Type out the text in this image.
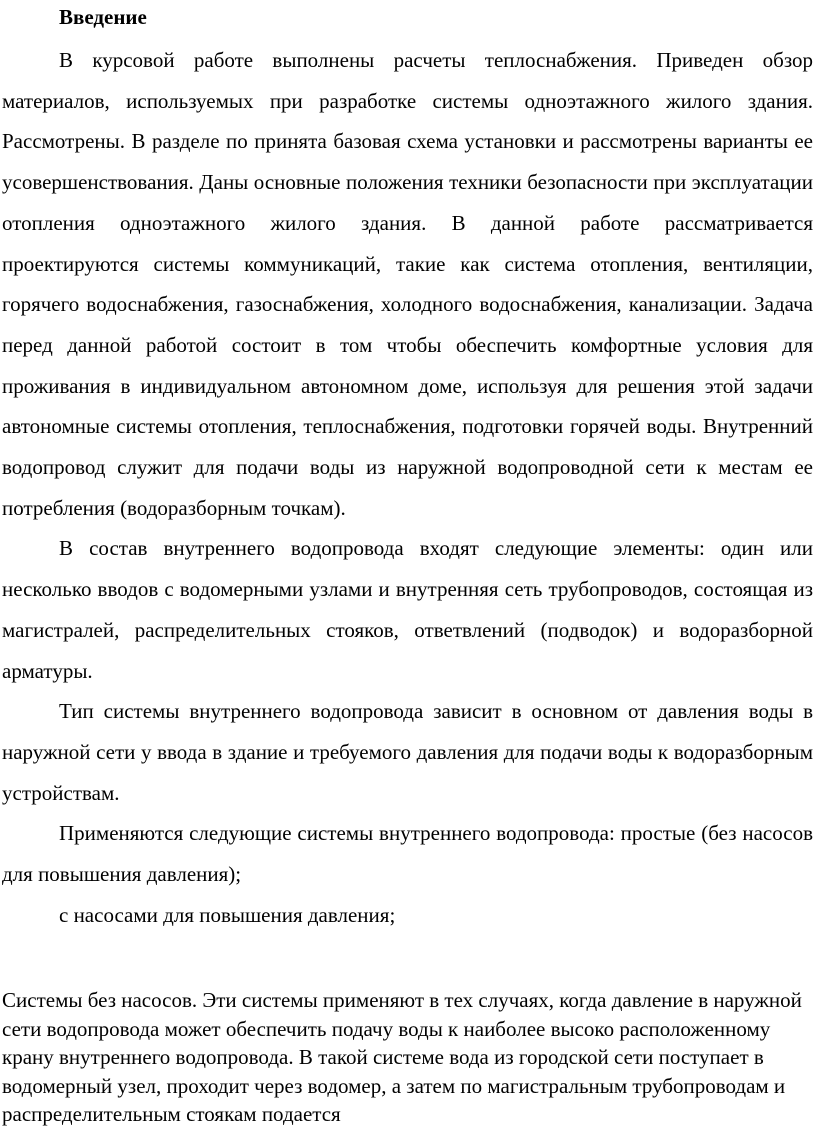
Введение

В курсовой работе выполнены расчеты теплоснабжения. Приведен обзор материалов, используемых при разработке системы одноэтажного жилого здания. Рассмотрены. В разделе по принята базовая схема установки и рассмотрены варианты ее усовершенствования. Даны основные положения техники безопасности при эксплуатации отопления одноэтажного жилого здания. В данной работе рассматривается проектируются системы коммуникаций, такие как система отопления, вентиляции, горячего водоснабжения, газоснабжения, холодного водоснабжения, канализации. Задача перед данной работой состоит в том чтобы обеспечить комфортные условия для проживания в индивидуальном автономном доме, используя для решения этой задачи автономные системы отопления, теплоснабжения, подготовки горячей воды. Внутренний водопровод служит для подачи воды из наружной водопроводной сети к местам ее потребления (водоразборным точкам).

В состав внутреннего водопровода входят следующие элементы: один или несколько вводов с водомерными узлами и внутренняя сеть трубопроводов, состоящая из магистралей, распределительных стояков, ответвлений (подводок) и водоразборной арматуры.

Тип системы внутреннего водопровода зависит в основном от давления воды в наружной сети у ввода в здание и требуемого давления для подачи воды к водоразборным устройствам.

Применяются следующие системы внутреннего водопровода: простые (без насосов для повышения давления);

с насосами для повышения давления;

Системы без насосов. Эти системы применяют в тех случаях, когда давление в наружной сети водопровода может обеспечить подачу воды к наиболее высоко расположенному крану внутреннего водопровода. В такой системе вода из городской сети поступает в водомерный узел, проходит через водомер, а затем по магистральным трубопроводам и распределительным стоякам подается
